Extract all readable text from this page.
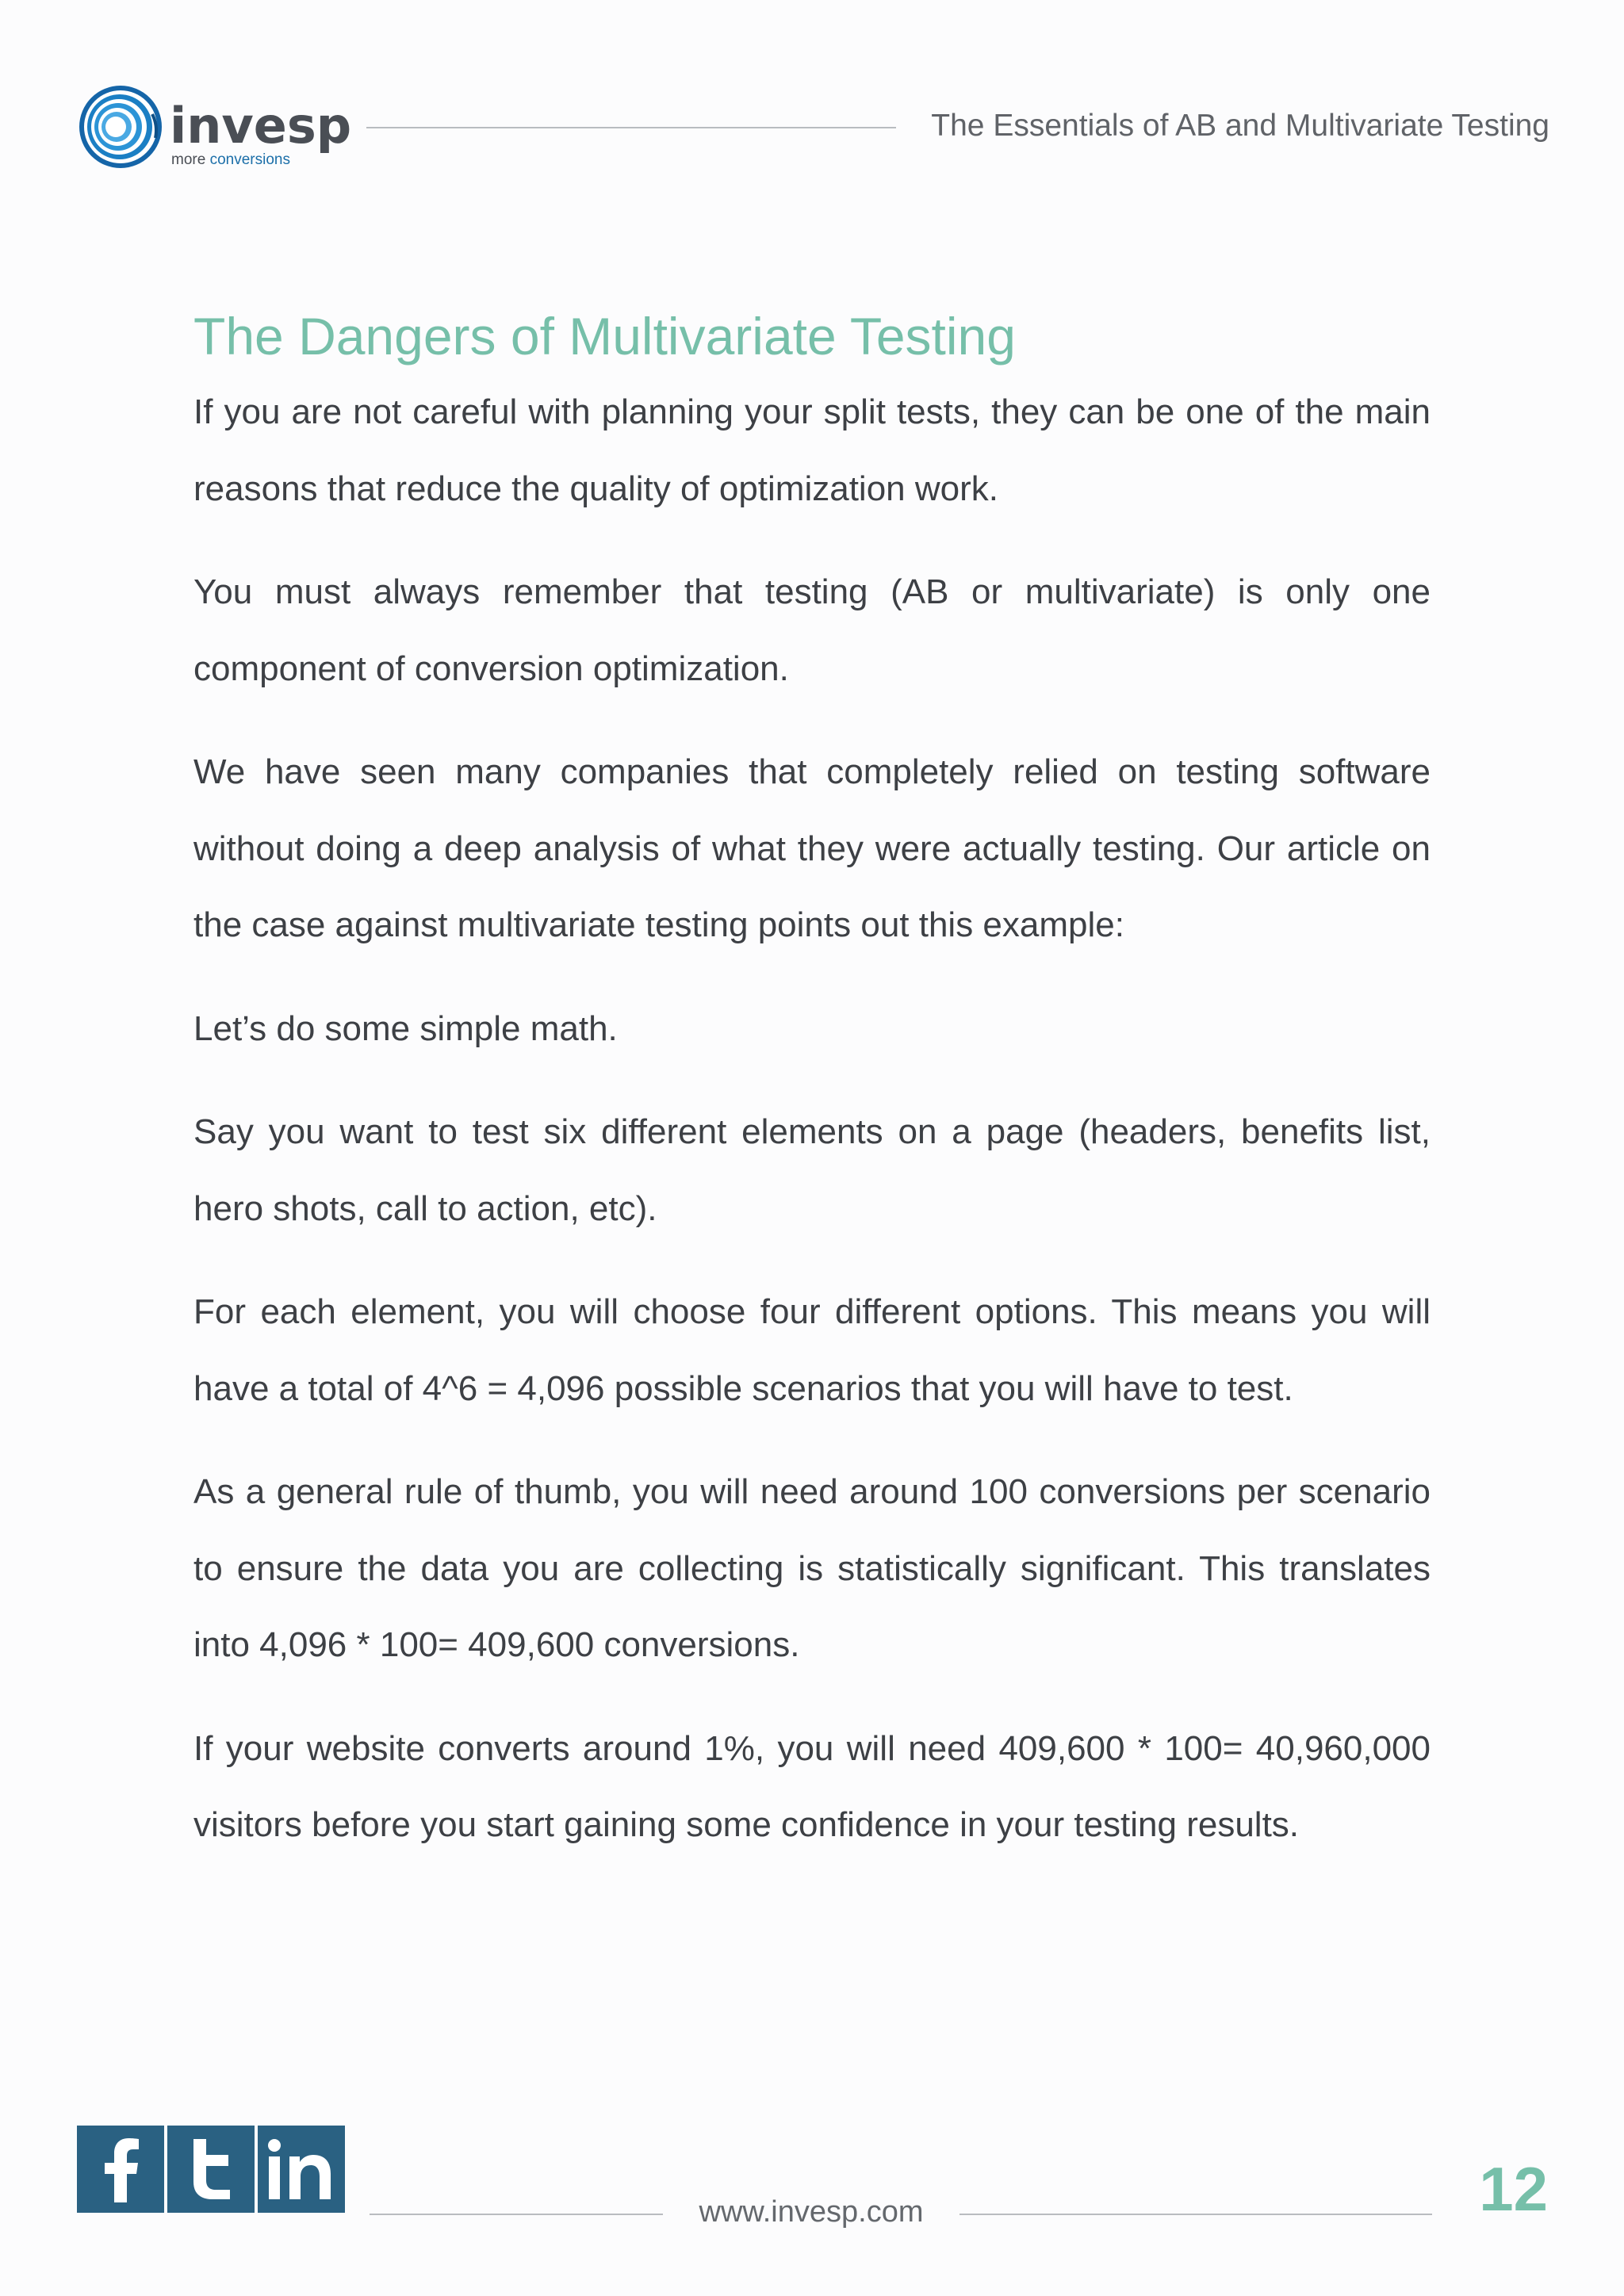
invesp
more conversions
The Essentials of AB and Multivariate Testing
The Dangers of Multivariate Testing

If you are not careful with planning your split tests, they can be one of the main reasons that reduce the quality of optimization work.

You must always remember that testing (AB or multivariate) is only one component of conversion optimization.

We have seen many companies that completely relied on testing software without doing a deep analysis of what they were actually testing. Our article on the case against multivariate testing points out this example:

Let’s do some simple math.

Say you want to test six different elements on a page (headers, benefits list, hero shots, call to action, etc).

For each element, you will choose four different options. This means you will have a total of 4^6 = 4,096 possible scenarios that you will have to test.

As a general rule of thumb, you will need around 100 conversions per scenario to ensure the data you are collecting is statistically significant. This translates into 4,096 * 100= 409,600 conversions.

If your website converts around 1%, you will need 409,600 * 100= 40,960,000 visitors before you start gaining some confidence in your testing results.

www.invesp.com	12
